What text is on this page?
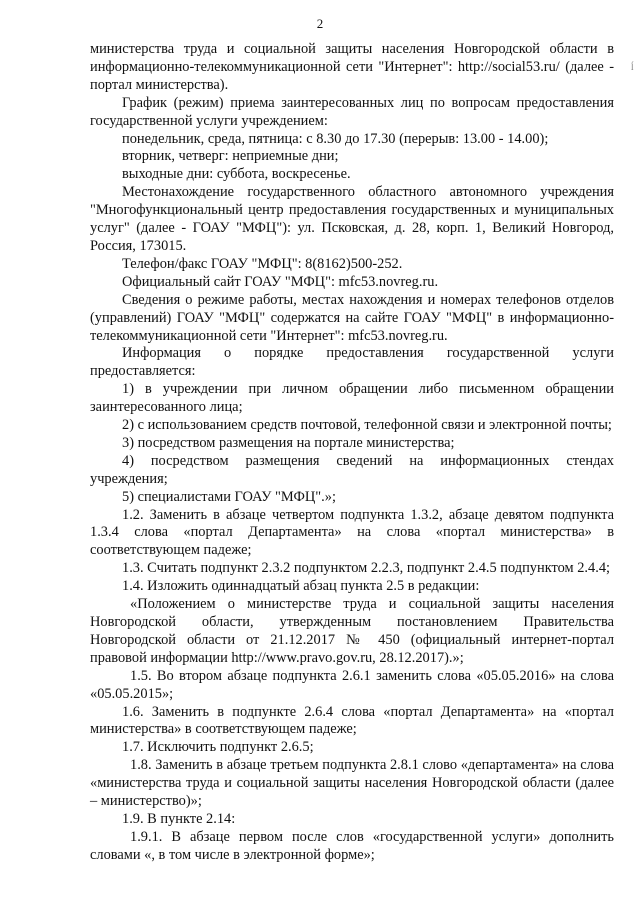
2
ĺ

министерства труда и социальной защиты населения Новгородской области в информационно-телекоммуникационной сети "Интернет": http://social53.ru/ (далее - портал министерства).

График (режим) приема заинтересованных лиц по вопросам предоставления государственной услуги учреждением:

понедельник, среда, пятница: с 8.30 до 17.30 (перерыв: 13.00 - 14.00);

вторник, четверг: неприемные дни;

выходные дни: суббота, воскресенье.

Местонахождение государственного областного автономного учреждения "Многофункциональный центр предоставления государственных и муниципальных услуг" (далее - ГОАУ "МФЦ"): ул. Псковская, д. 28, корп. 1, Великий Новгород, Россия, 173015.

Телефон/факс ГОАУ "МФЦ": 8(8162)500-252.

Официальный сайт ГОАУ "МФЦ": mfc53.novreg.ru.

Сведения о режиме работы, местах нахождения и номерах телефонов отделов (управлений) ГОАУ "МФЦ" содержатся на сайте ГОАУ "МФЦ" в информационно-телекоммуникационной сети "Интернет": mfc53.novreg.ru.

Информация о порядке предоставления государственной услуги предоставляется:

1) в учреждении при личном обращении либо письменном обращении заинтересованного лица;

2) с использованием средств почтовой, телефонной связи и электронной почты;

3) посредством размещения на портале министерства;

4) посредством размещения сведений на информационных стендах учреждения;

5) специалистами ГОАУ "МФЦ".»;

1.2. Заменить в абзаце четвертом подпункта 1.3.2, абзаце девятом подпункта 1.3.4 слова «портал Департамента» на слова «портал министерства» в соответствующем падеже;

1.3. Считать подпункт 2.3.2 подпунктом 2.2.3, подпункт 2.4.5 подпунктом 2.4.4;

1.4. Изложить одиннадцатый абзац пункта 2.5 в редакции:

«Положением о министерстве труда и социальной защиты населения Новгородской области, утвержденным постановлением Правительства Новгородской области от 21.12.2017 № 450 (официальный интернет-портал правовой информации http://www.pravo.gov.ru, 28.12.2017).»;

1.5. Во втором абзаце подпункта 2.6.1 заменить слова «05.05.2016» на слова «05.05.2015»;

1.6. Заменить в подпункте 2.6.4 слова «портал Департамента» на «портал министерства» в соответствующем падеже;

1.7. Исключить подпункт 2.6.5;

1.8. Заменить в абзаце третьем подпункта 2.8.1 слово «департамента» на слова «министерства труда и социальной защиты населения Новгородской области (далее – министерство)»;

1.9. В пункте 2.14:

1.9.1. В абзаце первом после слов «государственной услуги» дополнить словами «, в том числе в электронной форме»;
